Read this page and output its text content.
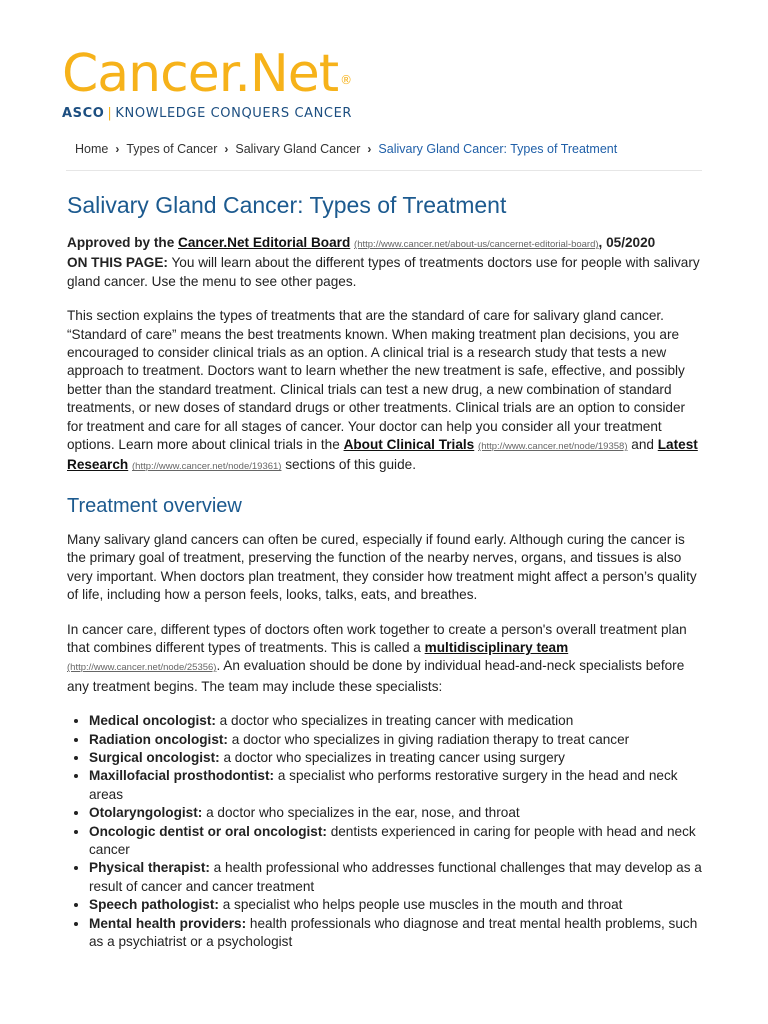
Cancer.Net ®
ASCO | KNOWLEDGE CONQUERS CANCER
Home › Types of Cancer › Salivary Gland Cancer › Salivary Gland Cancer: Types of Treatment
Salivary Gland Cancer: Types of Treatment

Approved by the Cancer.Net Editorial Board (http://www.cancer.net/about-us/cancernet-editorial-board), 05/2020
ON THIS PAGE: You will learn about the different types of treatments doctors use for people with salivary gland cancer. Use the menu to see other pages.

This section explains the types of treatments that are the standard of care for salivary gland cancer. “Standard of care” means the best treatments known. When making treatment plan decisions, you are encouraged to consider clinical trials as an option. A clinical trial is a research study that tests a new approach to treatment. Doctors want to learn whether the new treatment is safe, effective, and possibly better than the standard treatment. Clinical trials can test a new drug, a new combination of standard treatments, or new doses of standard drugs or other treatments. Clinical trials are an option to consider for treatment and care for all stages of cancer. Your doctor can help you consider all your treatment options. Learn more about clinical trials in the About Clinical Trials (http://www.cancer.net/node/19358) and Latest Research (http://www.cancer.net/node/19361) sections of this guide.

Treatment overview

Many salivary gland cancers can often be cured, especially if found early. Although curing the cancer is the primary goal of treatment, preserving the function of the nearby nerves, organs, and tissues is also very important. When doctors plan treatment, they consider how treatment might affect a person’s quality of life, including how a person feels, looks, talks, eats, and breathes.

In cancer care, different types of doctors often work together to create a person's overall treatment plan that combines different types of treatments. This is called a multidisciplinary team
(http://www.cancer.net/node/25356). An evaluation should be done by individual head-and-neck specialists before any treatment begins. The team may include these specialists:

• Medical oncologist: a doctor who specializes in treating cancer with medication
• Radiation oncologist: a doctor who specializes in giving radiation therapy to treat cancer
• Surgical oncologist: a doctor who specializes in treating cancer using surgery
• Maxillofacial prosthodontist: a specialist who performs restorative surgery in the head and neck areas
• Otolaryngologist: a doctor who specializes in the ear, nose, and throat
• Oncologic dentist or oral oncologist: dentists experienced in caring for people with head and neck cancer
• Physical therapist: a health professional who addresses functional challenges that may develop as a result of cancer and cancer treatment
• Speech pathologist: a specialist who helps people use muscles in the mouth and throat
• Mental health providers: health professionals who diagnose and treat mental health problems, such as a psychiatrist or a psychologist
